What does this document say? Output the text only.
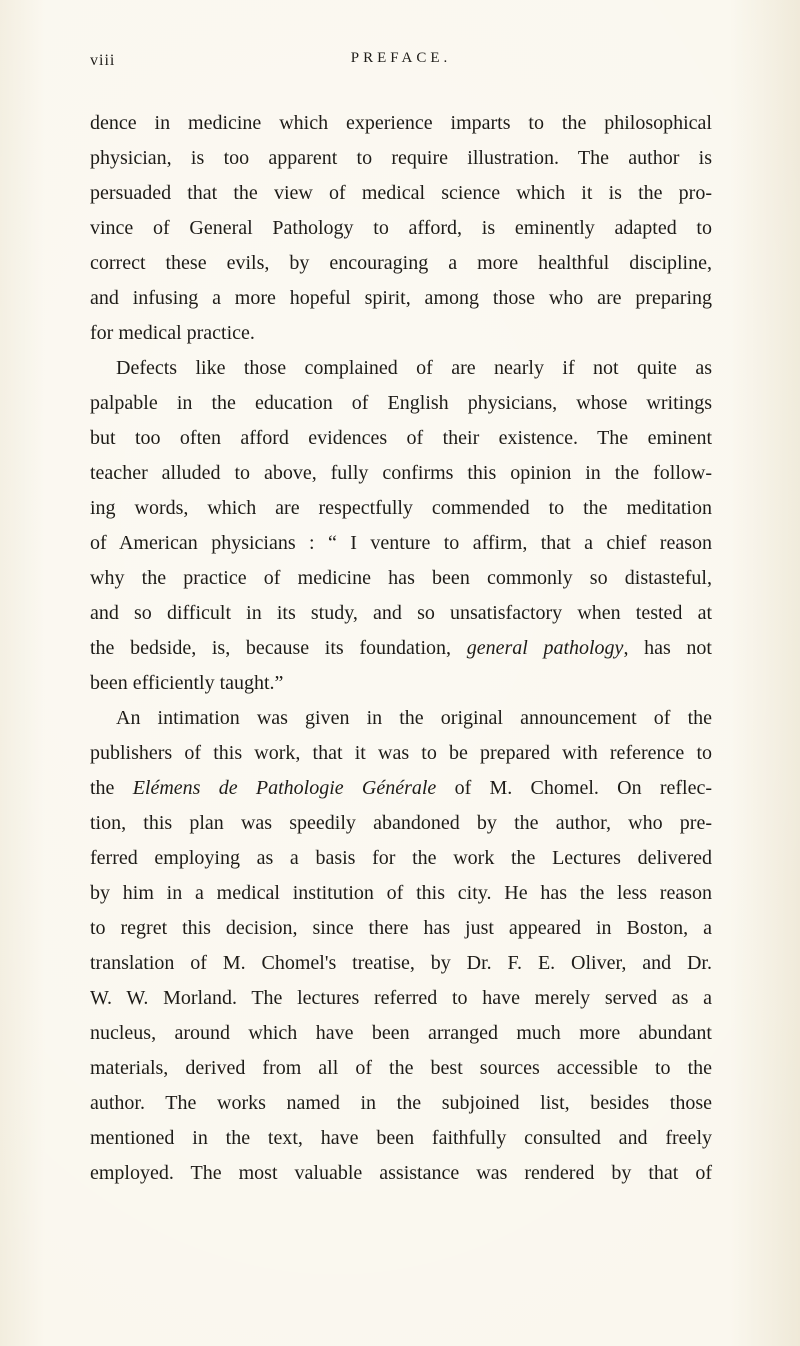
viii	PREFACE.
dence in medicine which experience imparts to the philosophical
physician, is too apparent to require illustration. The author is
persuaded that the view of medical science which it is the pro-
vince of General Pathology to afford, is eminently adapted to
correct these evils, by encouraging a more healthful discipline,
and infusing a more hopeful spirit, among those who are preparing
for medical practice.
Defects like those complained of are nearly if not quite as
palpable in the education of English physicians, whose writings
but too often afford evidences of their existence. The eminent
teacher alluded to above, fully confirms this opinion in the follow-
ing words, which are respectfully commended to the meditation
of American physicians : “ I venture to affirm, that a chief reason
why the practice of medicine has been commonly so distasteful,
and so difficult in its study, and so unsatisfactory when tested at
the bedside, is, because its foundation, general pathology, has not
been efficiently taught.”
An intimation was given in the original announcement of the
publishers of this work, that it was to be prepared with reference to
the Elémens de Pathologie Générale of M. Chomel. On reflec-
tion, this plan was speedily abandoned by the author, who pre-
ferred employing as a basis for the work the Lectures delivered
by him in a medical institution of this city. He has the less reason
to regret this decision, since there has just appeared in Boston, a
translation of M. Chomel's treatise, by Dr. F. E. Oliver, and Dr.
W. W. Morland. The lectures referred to have merely served as a
nucleus, around which have been arranged much more abundant
materials, derived from all of the best sources accessible to the
author. The works named in the subjoined list, besides those
mentioned in the text, have been faithfully consulted and freely
employed. The most valuable assistance was rendered by that of
